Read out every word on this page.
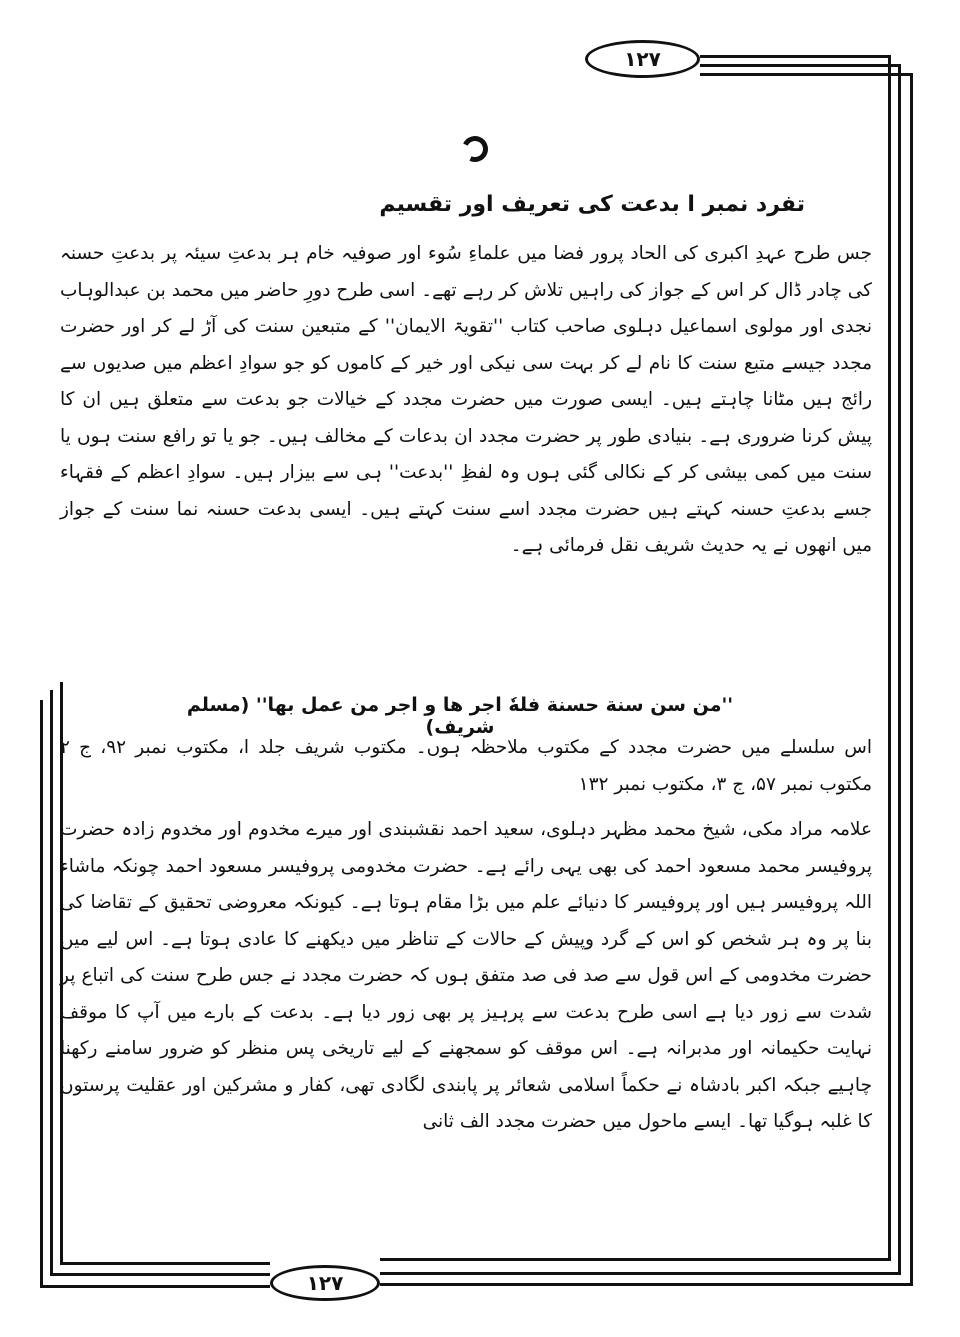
۱۲۷
تفرد نمبر ا بدعت کی تعریف اور تقسیم

جس طرح عہدِ اکبری کی الحاد پرور فضا میں علماءِ سُوء اور صوفیہ خام ہر بدعتِ سیئہ پر بدعتِ حسنہ کی چادر ڈال کر اس کے جواز کی راہیں تلاش کر رہے تھے۔ اسی طرح دورِ حاضر میں محمد بن عبدالوہاب نجدی اور مولوی اسماعیل دہلوی صاحب کتاب ''تقویۃ الایمان'' کے متبعین سنت کی آڑ لے کر اور حضرت مجدد جیسے متبع سنت کا نام لے کر بہت سی نیکی اور خیر کے کاموں کو جو سوادِ اعظم میں صدیوں سے رائج ہیں مٹانا چاہتے ہیں۔ ایسی صورت میں حضرت مجدد کے خیالات جو بدعت سے متعلق ہیں ان کا پیش کرنا ضروری ہے۔ بنیادی طور پر حضرت مجدد ان بدعات کے مخالف ہیں۔ جو یا تو رافع سنت ہوں یا سنت میں کمی بیشی کر کے نکالی گئی ہوں وہ لفظِ ''بدعت'' ہی سے بیزار ہیں۔ سوادِ اعظم کے فقہاء جسے بدعتِ حسنہ کہتے ہیں حضرت مجدد اسے سنت کہتے ہیں۔ ایسی بدعت حسنہ نما سنت کے جواز میں انھوں نے یہ حدیث شریف نقل فرمائی ہے۔

''من سن سنة حسنة فلهٗ اجر ها و اجر من عمل بها'' (مسلم شریف)

اس سلسلے میں حضرت مجدد کے مکتوب ملاحظہ ہوں۔ مکتوب شریف جلد ا، مکتوب نمبر ۹۲، ج ۲ مکتوب نمبر ۵۷، ج ۳، مکتوب نمبر ۱۳۲

علامہ مراد مکی، شیخ محمد مظہر دہلوی، سعید احمد نقشبندی اور میرے مخدوم اور مخدوم زادہ حضرت پروفیسر محمد مسعود احمد کی بھی یہی رائے ہے۔ حضرت مخدومی پروفیسر مسعود احمد چونکہ ماشاء اللہ پروفیسر ہیں اور پروفیسر کا دنیائے علم میں بڑا مقام ہوتا ہے۔ کیونکہ معروضی تحقیق کے تقاضا کی بنا پر وہ ہر شخص کو اس کے گرد وپیش کے حالات کے تناظر میں دیکھنے کا عادی ہوتا ہے۔ اس لیے میں حضرت مخدومی کے اس قول سے صد فی صد متفق ہوں کہ حضرت مجدد نے جس طرح سنت کی اتباع پر شدت سے زور دیا ہے اسی طرح بدعت سے پرہیز پر بھی زور دیا ہے۔ بدعت کے بارے میں آپ کا موقف نہایت حکیمانہ اور مدبرانہ ہے۔ اس موقف کو سمجھنے کے لیے تاریخی پس منظر کو ضرور سامنے رکھنا چاہیے جبکہ اکبر بادشاہ نے حکماً اسلامی شعائر پر پابندی لگادی تھی، کفار و مشرکین اور عقلیت پرستوں کا غلبہ ہوگیا تھا۔ ایسے ماحول میں حضرت مجدد الف ثانی

۱۲۷
